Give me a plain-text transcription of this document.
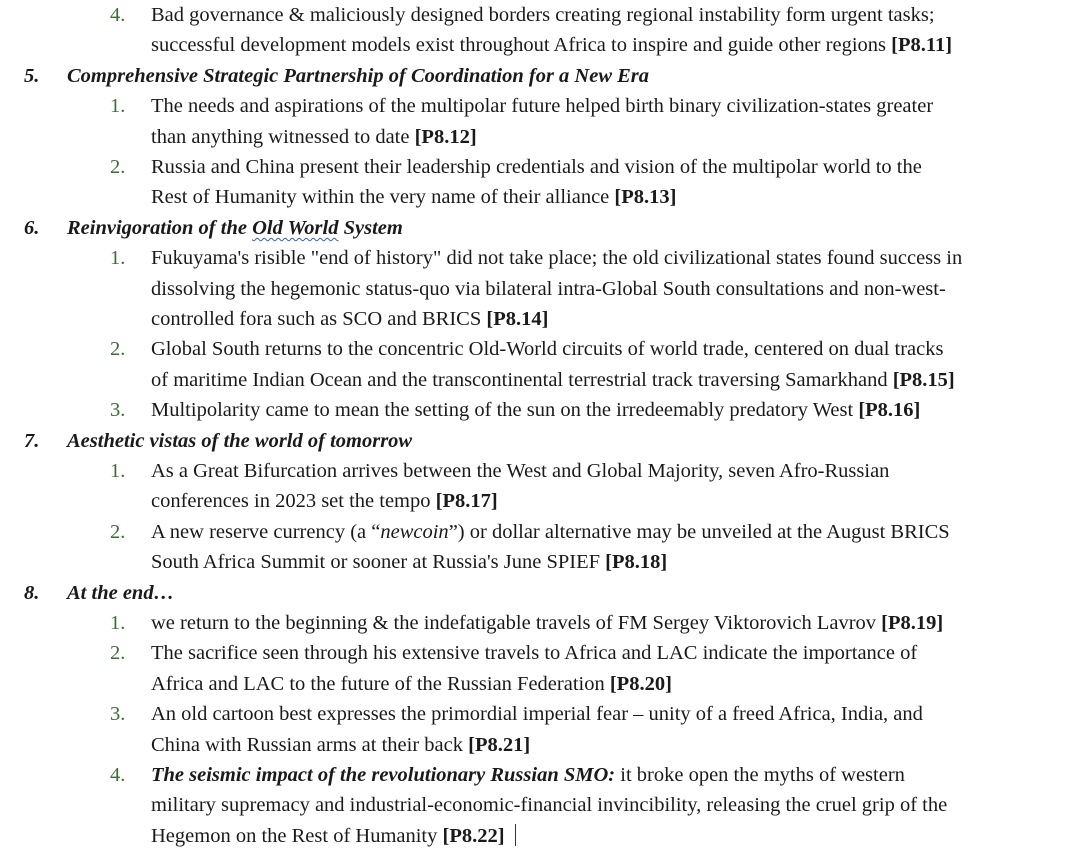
4.	Bad governance & maliciously designed borders creating regional instability form urgent tasks;
successful development models exist throughout Africa to inspire and guide other regions [P8.11]
5.	Comprehensive Strategic Partnership of Coordination for a New Era
1.	The needs and aspirations of the multipolar future helped birth binary civilization-states greater
than anything witnessed to date [P8.12]
2.	Russia and China present their leadership credentials and vision of the multipolar world to the
Rest of Humanity within the very name of their alliance [P8.13]
6.	Reinvigoration of the Old World System
1.	Fukuyama's risible "end of history" did not take place; the old civilizational states found success in
dissolving the hegemonic status-quo via bilateral intra-Global South consultations and non-west-
controlled fora such as SCO and BRICS [P8.14]
2.	Global South returns to the concentric Old-World circuits of world trade, centered on dual tracks
of maritime Indian Ocean and the transcontinental terrestrial track traversing Samarkhand [P8.15]
3.	Multipolarity came to mean the setting of the sun on the irredeemably predatory West [P8.16]
7.	Aesthetic vistas of the world of tomorrow
1.	As a Great Bifurcation arrives between the West and Global Majority, seven Afro-Russian
conferences in 2023 set the tempo [P8.17]
2.	A new reserve currency (a “newcoin”) or dollar alternative may be unveiled at the August BRICS
South Africa Summit or sooner at Russia's June SPIEF [P8.18]
8.	At the end…
1.	we return to the beginning & the indefatigable travels of FM Sergey Viktorovich Lavrov [P8.19]
2.	The sacrifice seen through his extensive travels to Africa and LAC indicate the importance of
Africa and LAC to the future of the Russian Federation [P8.20]
3.	An old cartoon best expresses the primordial imperial fear – unity of a freed Africa, India, and
China with Russian arms at their back [P8.21]
4.	The seismic impact of the revolutionary Russian SMO: it broke open the myths of western
military supremacy and industrial-economic-financial invincibility, releasing the cruel grip of the
Hegemon on the Rest of Humanity [P8.22]
